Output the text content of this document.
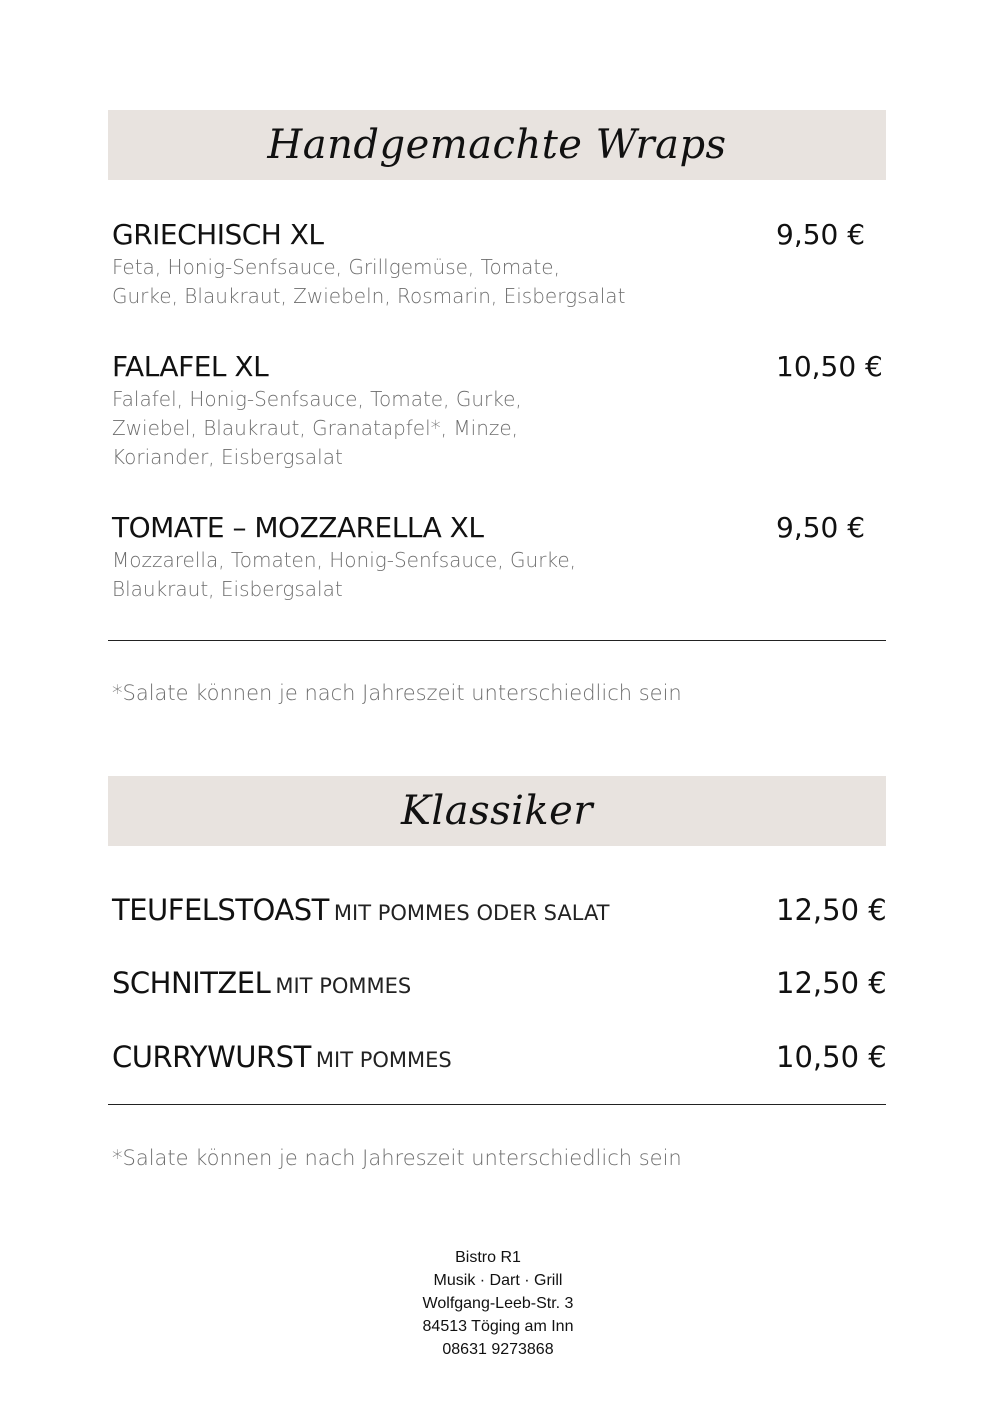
Handgemachte Wraps
GRIECHISCH XL	9,50 €
Feta, Honig-Senfsauce, Grillgemüse, Tomate,
Gurke, Blaukraut, Zwiebeln, Rosmarin, Eisbergsalat
FALAFEL XL	10,50 €
Falafel, Honig-Senfsauce, Tomate, Gurke,
Zwiebel, Blaukraut, Granatapfel*, Minze,
Koriander, Eisbergsalat
TOMATE – MOZZARELLA XL	9,50 €
Mozzarella, Tomaten, Honig-Senfsauce, Gurke,
Blaukraut, Eisbergsalat
*Salate können je nach Jahreszeit unterschiedlich sein
Klassiker
TEUFELSTOAST MIT POMMES ODER SALAT	12,50 €
SCHNITZEL MIT POMMES	12,50 €
CURRYWURST MIT POMMES	10,50 €
*Salate können je nach Jahreszeit unterschiedlich sein
Bistro R1
Musik · Dart · Grill
Wolfgang-Leeb-Str. 3
84513 Töging am Inn
08631 9273868
